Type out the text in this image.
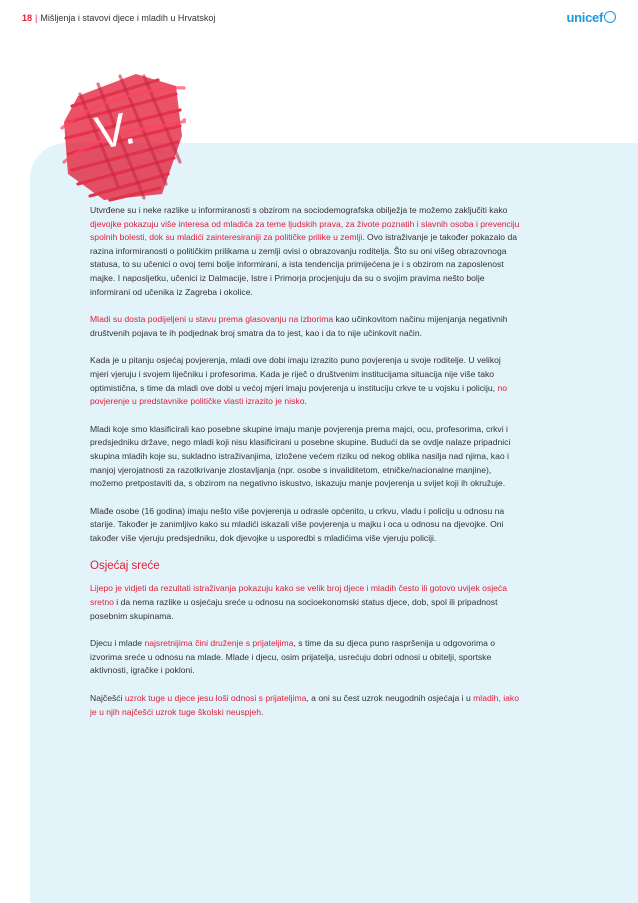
18 | Mišljenja i stavovi djece i mladih u Hrvatskoj	unicef
V.

Utvrđene su i neke razlike u informiranosti s obzirom na sociodemografska obilježja te možemo zaključiti kako djevojke pokazuju više interesa od mladića za teme ljudskih prava, za živote poznatih i slavnih osoba i prevenciju spolnih bolesti, dok su mladići zainteresiraniji za političke prilike u zemlji. Ovo istraživanje je također pokazalo da razina informiranosti o političkim prilikama u zemlji ovisi o obrazovanju roditelja. Što su oni višeg obrazovnoga statusa, to su učenici o ovoj temi bolje informirani, a ista tendencija primijećena je i s obzirom na zaposlenost majke. I naposljetku, učenici iz Dalmacije, Istre i Primorja procjenjuju da su o svojim pravima nešto bolje informirani od učenika iz Zagreba i okolice.

Mladi su dosta podijeljeni u stavu prema glasovanju na izborima kao učinkovitom načinu mijenjanja negativnih društvenih pojava te ih podjednak broj smatra da to jest, kao i da to nije učinkovit način.

Kada je u pitanju osjećaj povjerenja, mladi ove dobi imaju izrazito puno povjerenja u svoje roditelje. U velikoj mjeri vjeruju i svojem liječniku i profesorima. Kada je riječ o društvenim institucijama situacija nije više tako optimistična, s time da mladi ove dobi u većoj mjeri imaju povjerenja u instituciju crkve te u vojsku i policiju, no povjerenje u predstavnike političke vlasti izrazito je nisko.

Mladi koje smo klasificirali kao posebne skupine imaju manje povjerenja prema majci, ocu, profesorima, crkvi i predsjedniku države, nego mladi koji nisu klasificirani u posebne skupine. Budući da se ovdje nalaze pripadnici skupina mladih koje su, sukladno istraživanjima, izložene većem riziku od nekog oblika nasilja nad njima, kao i manjoj vjerojatnosti za razotkrivanje zlostavljanja (npr. osobe s invaliditetom, etničke/nacionalne manjine), možemo pretpostaviti da, s obzirom na negativno iskustvo, iskazuju manje povjerenja u svijet koji ih okružuje.

Mlađe osobe (16 godina) imaju nešto više povjerenja u odrasle općenito, u crkvu, vladu i policiju u odnosu na starije. Također je zanimljivo kako su mladići iskazali više povjerenja u majku i oca u odnosu na djevojke. Oni također više vjeruju predsjedniku, dok djevojke u usporedbi s mladićima više vjeruju policiji.

Osjećaj sreće

Lijepo je vidjeti da rezultati istraživanja pokazuju kako se velik broj djece i mladih često ili gotovo uvijek osjeća sretno i da nema razlike u osjećaju sreće u odnosu na socioekonomski status djece, dob, spol ili pripadnost posebnim skupinama.

Djecu i mlade najsretnijima čini druženje s prijateljima, s time da su djeca puno raspršenija u odgovorima o izvorima sreće u odnosu na mlade. Mlade i djecu, osim prijatelja, usrećuju dobri odnosi u obitelji, sportske aktivnosti, igračke i pokloni.

Najčešći uzrok tuge u djece jesu loši odnosi s prijateljima, a oni su čest uzrok neugodnih osjećaja i u mladih, iako je u njih najčešći uzrok tuge školski neuspjeh.
